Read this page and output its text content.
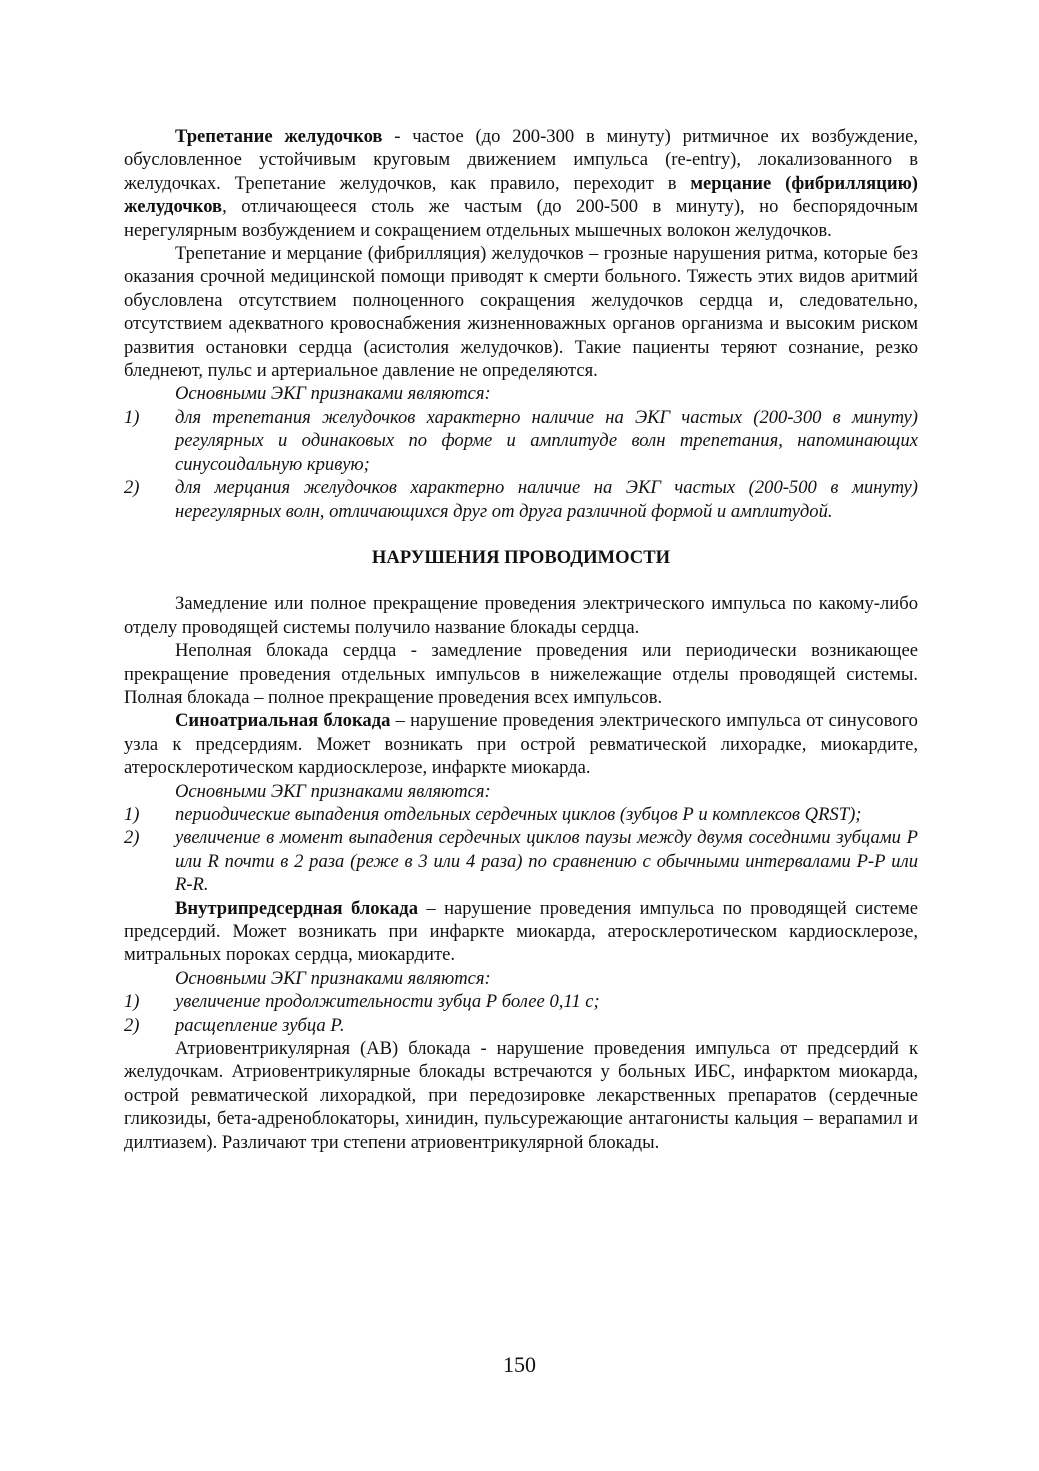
Трепетание желудочков - частое (до 200-300 в минуту) ритмичное их возбуждение, обусловленное устойчивым круговым движением импульса (re-entry), локализованного в желудочках. Трепетание желудочков, как правило, переходит в мерцание (фибрилляцию) желудочков, отличающееся столь же частым (до 200-500 в минуту), но беспорядочным нерегулярным возбуждением и сокращением отдельных мышечных волокон желудочков.

Трепетание и мерцание (фибрилляция) желудочков – грозные нарушения ритма, которые без оказания срочной медицинской помощи приводят к смерти больного. Тяжесть этих видов аритмий обусловлена отсутствием полноценного сокращения желудочков сердца и, следовательно, отсутствием адекватного кровоснабжения жизненноважных органов организма и высоким риском развития остановки сердца (асистолия желудочков). Такие пациенты теряют сознание, резко бледнеют, пульс и артериальное давление не определяются.

Основными ЭКГ признаками являются:

1) для трепетания желудочков характерно наличие на ЭКГ частых (200-300 в минуту) регулярных и одинаковых по форме и амплитуде волн трепетания, напоминающих синусоидальную кривую;
2) для мерцания желудочков характерно наличие на ЭКГ частых (200-500 в минуту) нерегулярных волн, отличающихся друг от друга различной формой и амплитудой.
НАРУШЕНИЯ ПРОВОДИМОСТИ

Замедление или полное прекращение проведения электрического импульса по какому-либо отделу проводящей системы получило название блокады сердца.

Неполная блокада сердца - замедление проведения или периодически возникающее прекращение проведения отдельных импульсов в нижележащие отделы проводящей системы. Полная блокада – полное прекращение проведения всех импульсов.

Синоатриальная блокада – нарушение проведения электрического импульса от синусового узла к предсердиям. Может возникать при острой ревматической лихорадке, миокардите, атеросклеротическом кардиосклерозе, инфаркте миокарда.

Основными ЭКГ признаками являются:

1) периодические выпадения отдельных сердечных циклов (зубцов Р и комплексов QRST);
2) увеличение в момент выпадения сердечных циклов паузы между двумя соседними зубцами Р или R почти в 2 раза (реже в 3 или 4 раза) по сравнению с обычными интервалами Р-Р или R-R.

Внутрипредсердная блокада – нарушение проведения импульса по проводящей системе предсердий. Может возникать при инфаркте миокарда, атеросклеротическом кардиосклерозе, митральных пороках сердца, миокардите.

Основными ЭКГ признаками являются:

1) увеличение продолжительности зубца Р более 0,11 с;
2) расщепление зубца Р.

Атриовентрикулярная (АВ) блокада - нарушение проведения импульса от предсердий к желудочкам. Атриовентрикулярные блокады встречаются у больных ИБС, инфарктом миокарда, острой ревматической лихорадкой, при передозировке лекарственных препаратов (сердечные гликозиды, бета-адреноблокаторы, хинидин, пульсурежающие антагонисты кальция – верапамил и дилтиазем). Различают три степени атриовентрикулярной блокады.

150
